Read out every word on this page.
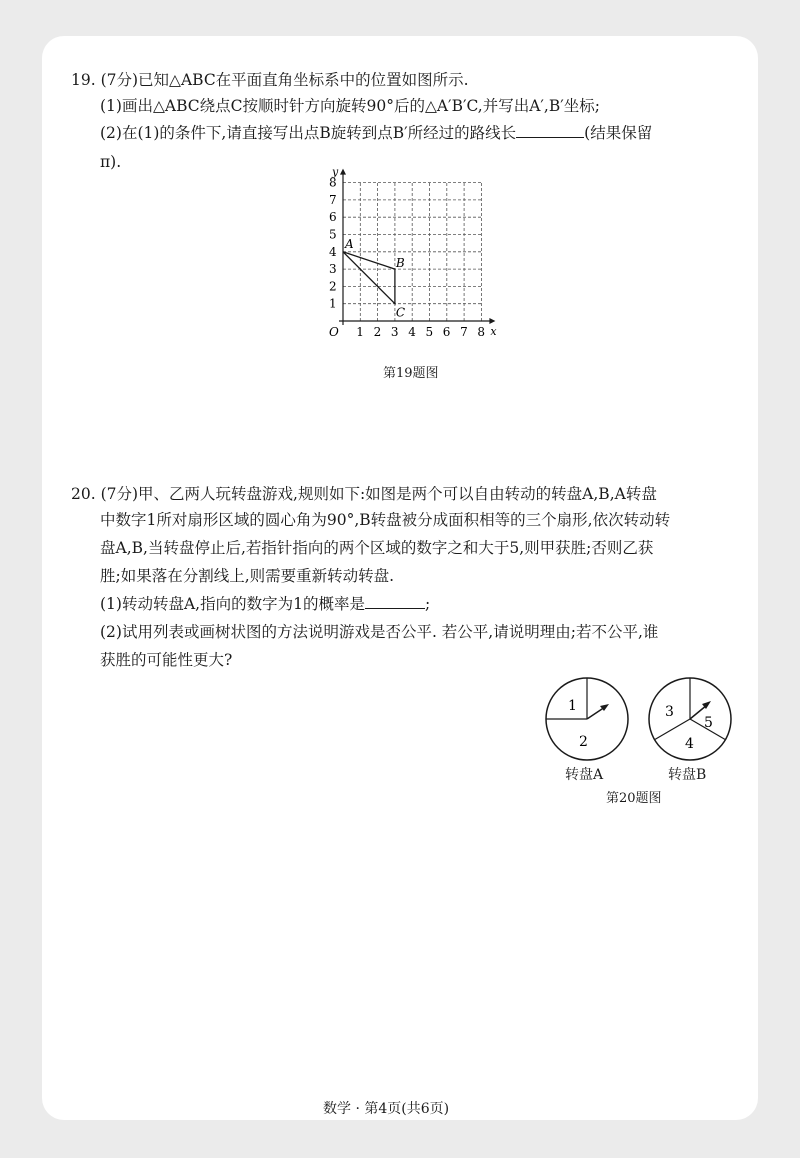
19. (7分)已知△ABC在平面直角坐标系中的位置如图所示.
(1)画出△ABC绕点C按顺时针方向旋转90°后的△A′B′C,并写出A′,B′坐标;
(2)在(1)的条件下,请直接写出点B旋转到点B′所经过的路线长	(结果保留
π).
1 2 3 4 5 6 7 8
1
2
3
4
5
6
7
8
O	x
y
A
B
C
第19题图
20. (7分)甲、乙两人玩转盘游戏,规则如下:如图是两个可以自由转动的转盘A,B,A转盘
中数字1所对扇形区域的圆心角为90°,B转盘被分成面积相等的三个扇形,依次转动转
盘A,B,当转盘停止后,若指针指向的两个区域的数字之和大于5,则甲获胜;否则乙获
胜;如果落在分割线上,则需要重新转动转盘.
(1)转动转盘A,指向的数字为1的概率是	;
(2)试用列表或画树状图的方法说明游戏是否公平. 若公平,请说明理由;若不公平,谁
获胜的可能性更大?
1
2
转盘A
3
5
4
转盘B
第20题图
数学 · 第4页(共6页)
